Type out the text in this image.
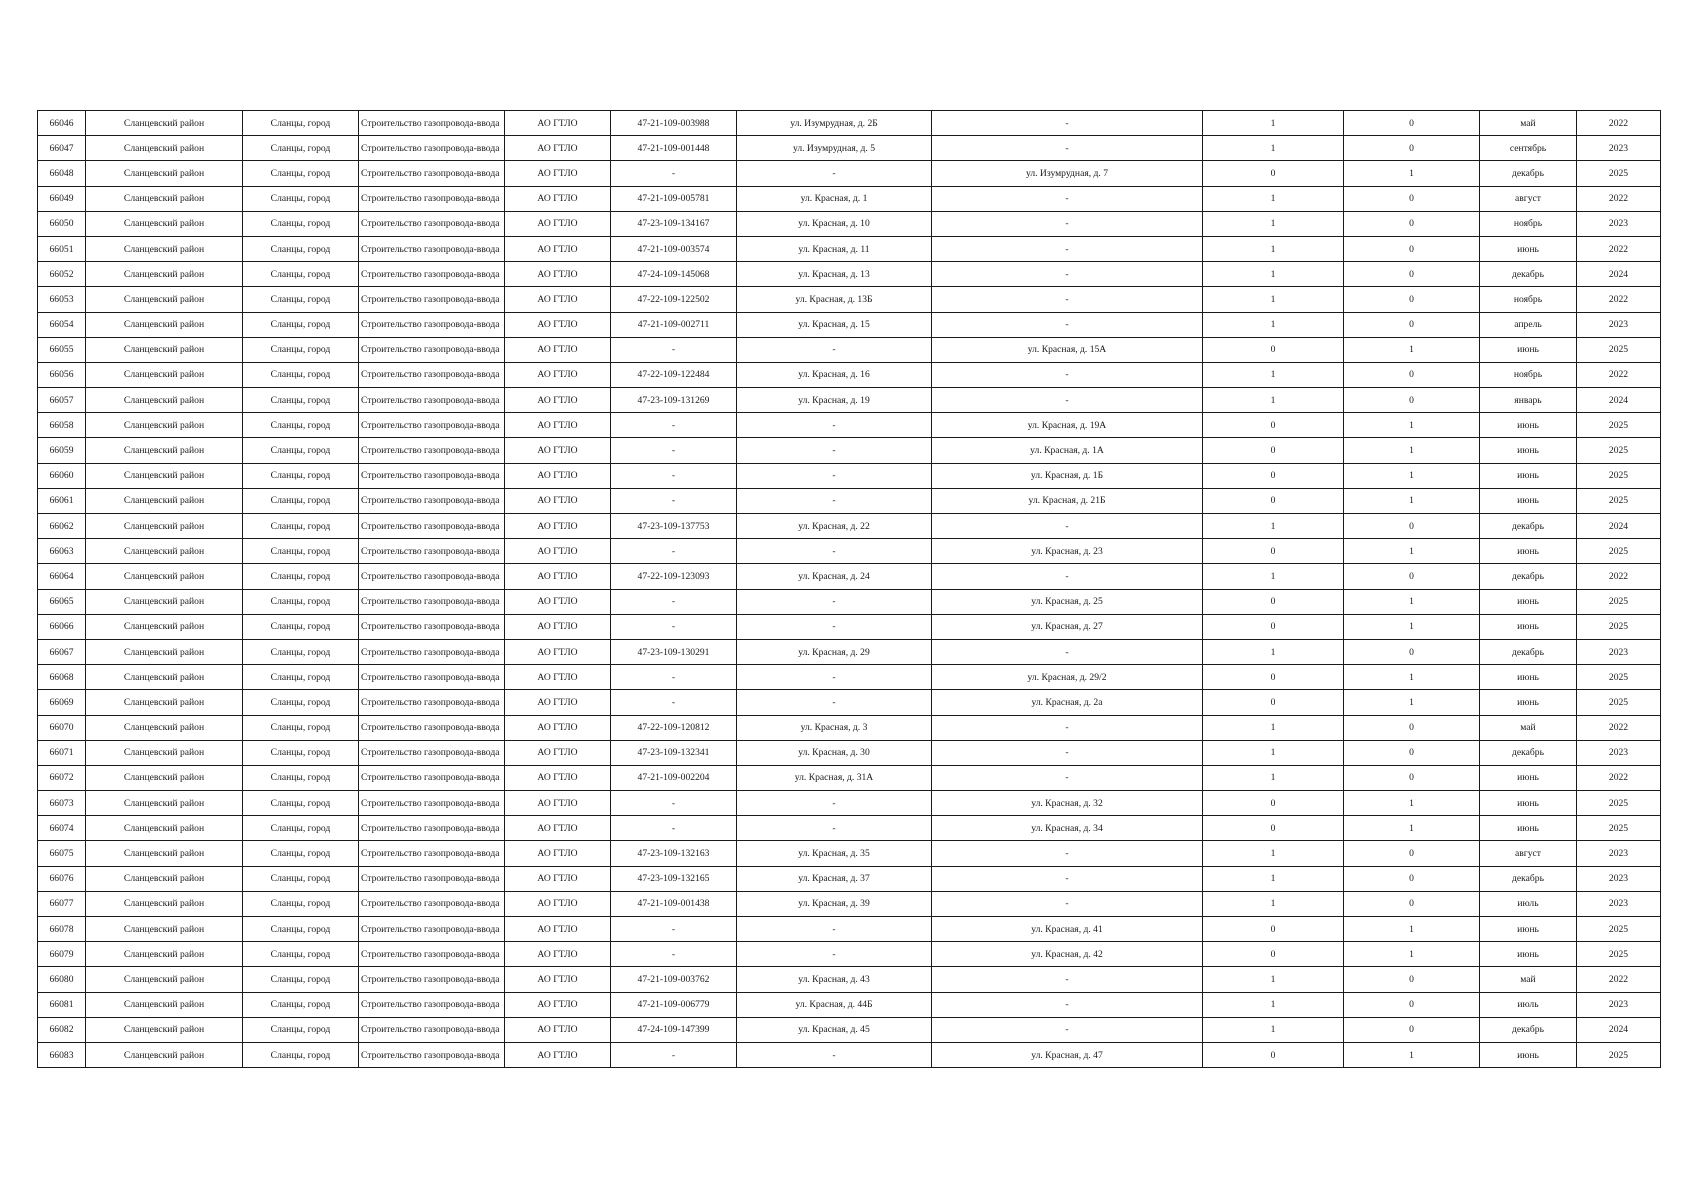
66046	Сланцевский район	Сланцы, город	Строительство газопровода-ввода	АО ГТЛО	47-21-109-003988	ул. Изумрудная, д. 2Б	-	1	0	май	2022
66047	Сланцевский район	Сланцы, город	Строительство газопровода-ввода	АО ГТЛО	47-21-109-001448	ул. Изумрудная, д. 5	-	1	0	сентябрь	2023
66048	Сланцевский район	Сланцы, город	Строительство газопровода-ввода	АО ГТЛО	-	-	ул. Изумрудная, д. 7	0	1	декабрь	2025
66049	Сланцевский район	Сланцы, город	Строительство газопровода-ввода	АО ГТЛО	47-21-109-005781	ул. Красная, д. 1	-	1	0	август	2022
66050	Сланцевский район	Сланцы, город	Строительство газопровода-ввода	АО ГТЛО	47-23-109-134167	ул. Красная, д. 10	-	1	0	ноябрь	2023
66051	Сланцевский район	Сланцы, город	Строительство газопровода-ввода	АО ГТЛО	47-21-109-003574	ул. Красная, д. 11	-	1	0	июнь	2022
66052	Сланцевский район	Сланцы, город	Строительство газопровода-ввода	АО ГТЛО	47-24-109-145068	ул. Красная, д. 13	-	1	0	декабрь	2024
66053	Сланцевский район	Сланцы, город	Строительство газопровода-ввода	АО ГТЛО	47-22-109-122502	ул. Красная, д. 13Б	-	1	0	ноябрь	2022
66054	Сланцевский район	Сланцы, город	Строительство газопровода-ввода	АО ГТЛО	47-21-109-002711	ул. Красная, д. 15	-	1	0	апрель	2023
66055	Сланцевский район	Сланцы, город	Строительство газопровода-ввода	АО ГТЛО	-	-	ул. Красная, д. 15А	0	1	июнь	2025
66056	Сланцевский район	Сланцы, город	Строительство газопровода-ввода	АО ГТЛО	47-22-109-122484	ул. Красная, д. 16	-	1	0	ноябрь	2022
66057	Сланцевский район	Сланцы, город	Строительство газопровода-ввода	АО ГТЛО	47-23-109-131269	ул. Красная, д. 19	-	1	0	январь	2024
66058	Сланцевский район	Сланцы, город	Строительство газопровода-ввода	АО ГТЛО	-	-	ул. Красная, д. 19А	0	1	июнь	2025
66059	Сланцевский район	Сланцы, город	Строительство газопровода-ввода	АО ГТЛО	-	-	ул. Красная, д. 1А	0	1	июнь	2025
66060	Сланцевский район	Сланцы, город	Строительство газопровода-ввода	АО ГТЛО	-	-	ул. Красная, д. 1Б	0	1	июнь	2025
66061	Сланцевский район	Сланцы, город	Строительство газопровода-ввода	АО ГТЛО	-	-	ул. Красная, д. 21Б	0	1	июнь	2025
66062	Сланцевский район	Сланцы, город	Строительство газопровода-ввода	АО ГТЛО	47-23-109-137753	ул. Красная, д. 22	-	1	0	декабрь	2024
66063	Сланцевский район	Сланцы, город	Строительство газопровода-ввода	АО ГТЛО	-	-	ул. Красная, д. 23	0	1	июнь	2025
66064	Сланцевский район	Сланцы, город	Строительство газопровода-ввода	АО ГТЛО	47-22-109-123093	ул. Красная, д. 24	-	1	0	декабрь	2022
66065	Сланцевский район	Сланцы, город	Строительство газопровода-ввода	АО ГТЛО	-	-	ул. Красная, д. 25	0	1	июнь	2025
66066	Сланцевский район	Сланцы, город	Строительство газопровода-ввода	АО ГТЛО	-	-	ул. Красная, д. 27	0	1	июнь	2025
66067	Сланцевский район	Сланцы, город	Строительство газопровода-ввода	АО ГТЛО	47-23-109-130291	ул. Красная, д. 29	-	1	0	декабрь	2023
66068	Сланцевский район	Сланцы, город	Строительство газопровода-ввода	АО ГТЛО	-	-	ул. Красная, д. 29/2	0	1	июнь	2025
66069	Сланцевский район	Сланцы, город	Строительство газопровода-ввода	АО ГТЛО	-	-	ул. Красная, д. 2а	0	1	июнь	2025
66070	Сланцевский район	Сланцы, город	Строительство газопровода-ввода	АО ГТЛО	47-22-109-120812	ул. Красная, д. 3	-	1	0	май	2022
66071	Сланцевский район	Сланцы, город	Строительство газопровода-ввода	АО ГТЛО	47-23-109-132341	ул. Красная, д. 30	-	1	0	декабрь	2023
66072	Сланцевский район	Сланцы, город	Строительство газопровода-ввода	АО ГТЛО	47-21-109-002204	ул. Красная, д. 31А	-	1	0	июнь	2022
66073	Сланцевский район	Сланцы, город	Строительство газопровода-ввода	АО ГТЛО	-	-	ул. Красная, д. 32	0	1	июнь	2025
66074	Сланцевский район	Сланцы, город	Строительство газопровода-ввода	АО ГТЛО	-	-	ул. Красная, д. 34	0	1	июнь	2025
66075	Сланцевский район	Сланцы, город	Строительство газопровода-ввода	АО ГТЛО	47-23-109-132163	ул. Красная, д. 35	-	1	0	август	2023
66076	Сланцевский район	Сланцы, город	Строительство газопровода-ввода	АО ГТЛО	47-23-109-132165	ул. Красная, д. 37	-	1	0	декабрь	2023
66077	Сланцевский район	Сланцы, город	Строительство газопровода-ввода	АО ГТЛО	47-21-109-001438	ул. Красная, д. 39	-	1	0	июль	2023
66078	Сланцевский район	Сланцы, город	Строительство газопровода-ввода	АО ГТЛО	-	-	ул. Красная, д. 41	0	1	июнь	2025
66079	Сланцевский район	Сланцы, город	Строительство газопровода-ввода	АО ГТЛО	-	-	ул. Красная, д. 42	0	1	июнь	2025
66080	Сланцевский район	Сланцы, город	Строительство газопровода-ввода	АО ГТЛО	47-21-109-003762	ул. Красная, д. 43	-	1	0	май	2022
66081	Сланцевский район	Сланцы, город	Строительство газопровода-ввода	АО ГТЛО	47-21-109-006779	ул. Красная, д. 44Б	-	1	0	июль	2023
66082	Сланцевский район	Сланцы, город	Строительство газопровода-ввода	АО ГТЛО	47-24-109-147399	ул. Красная, д. 45	-	1	0	декабрь	2024
66083	Сланцевский район	Сланцы, город	Строительство газопровода-ввода	АО ГТЛО	-	-	ул. Красная, д. 47	0	1	июнь	2025
